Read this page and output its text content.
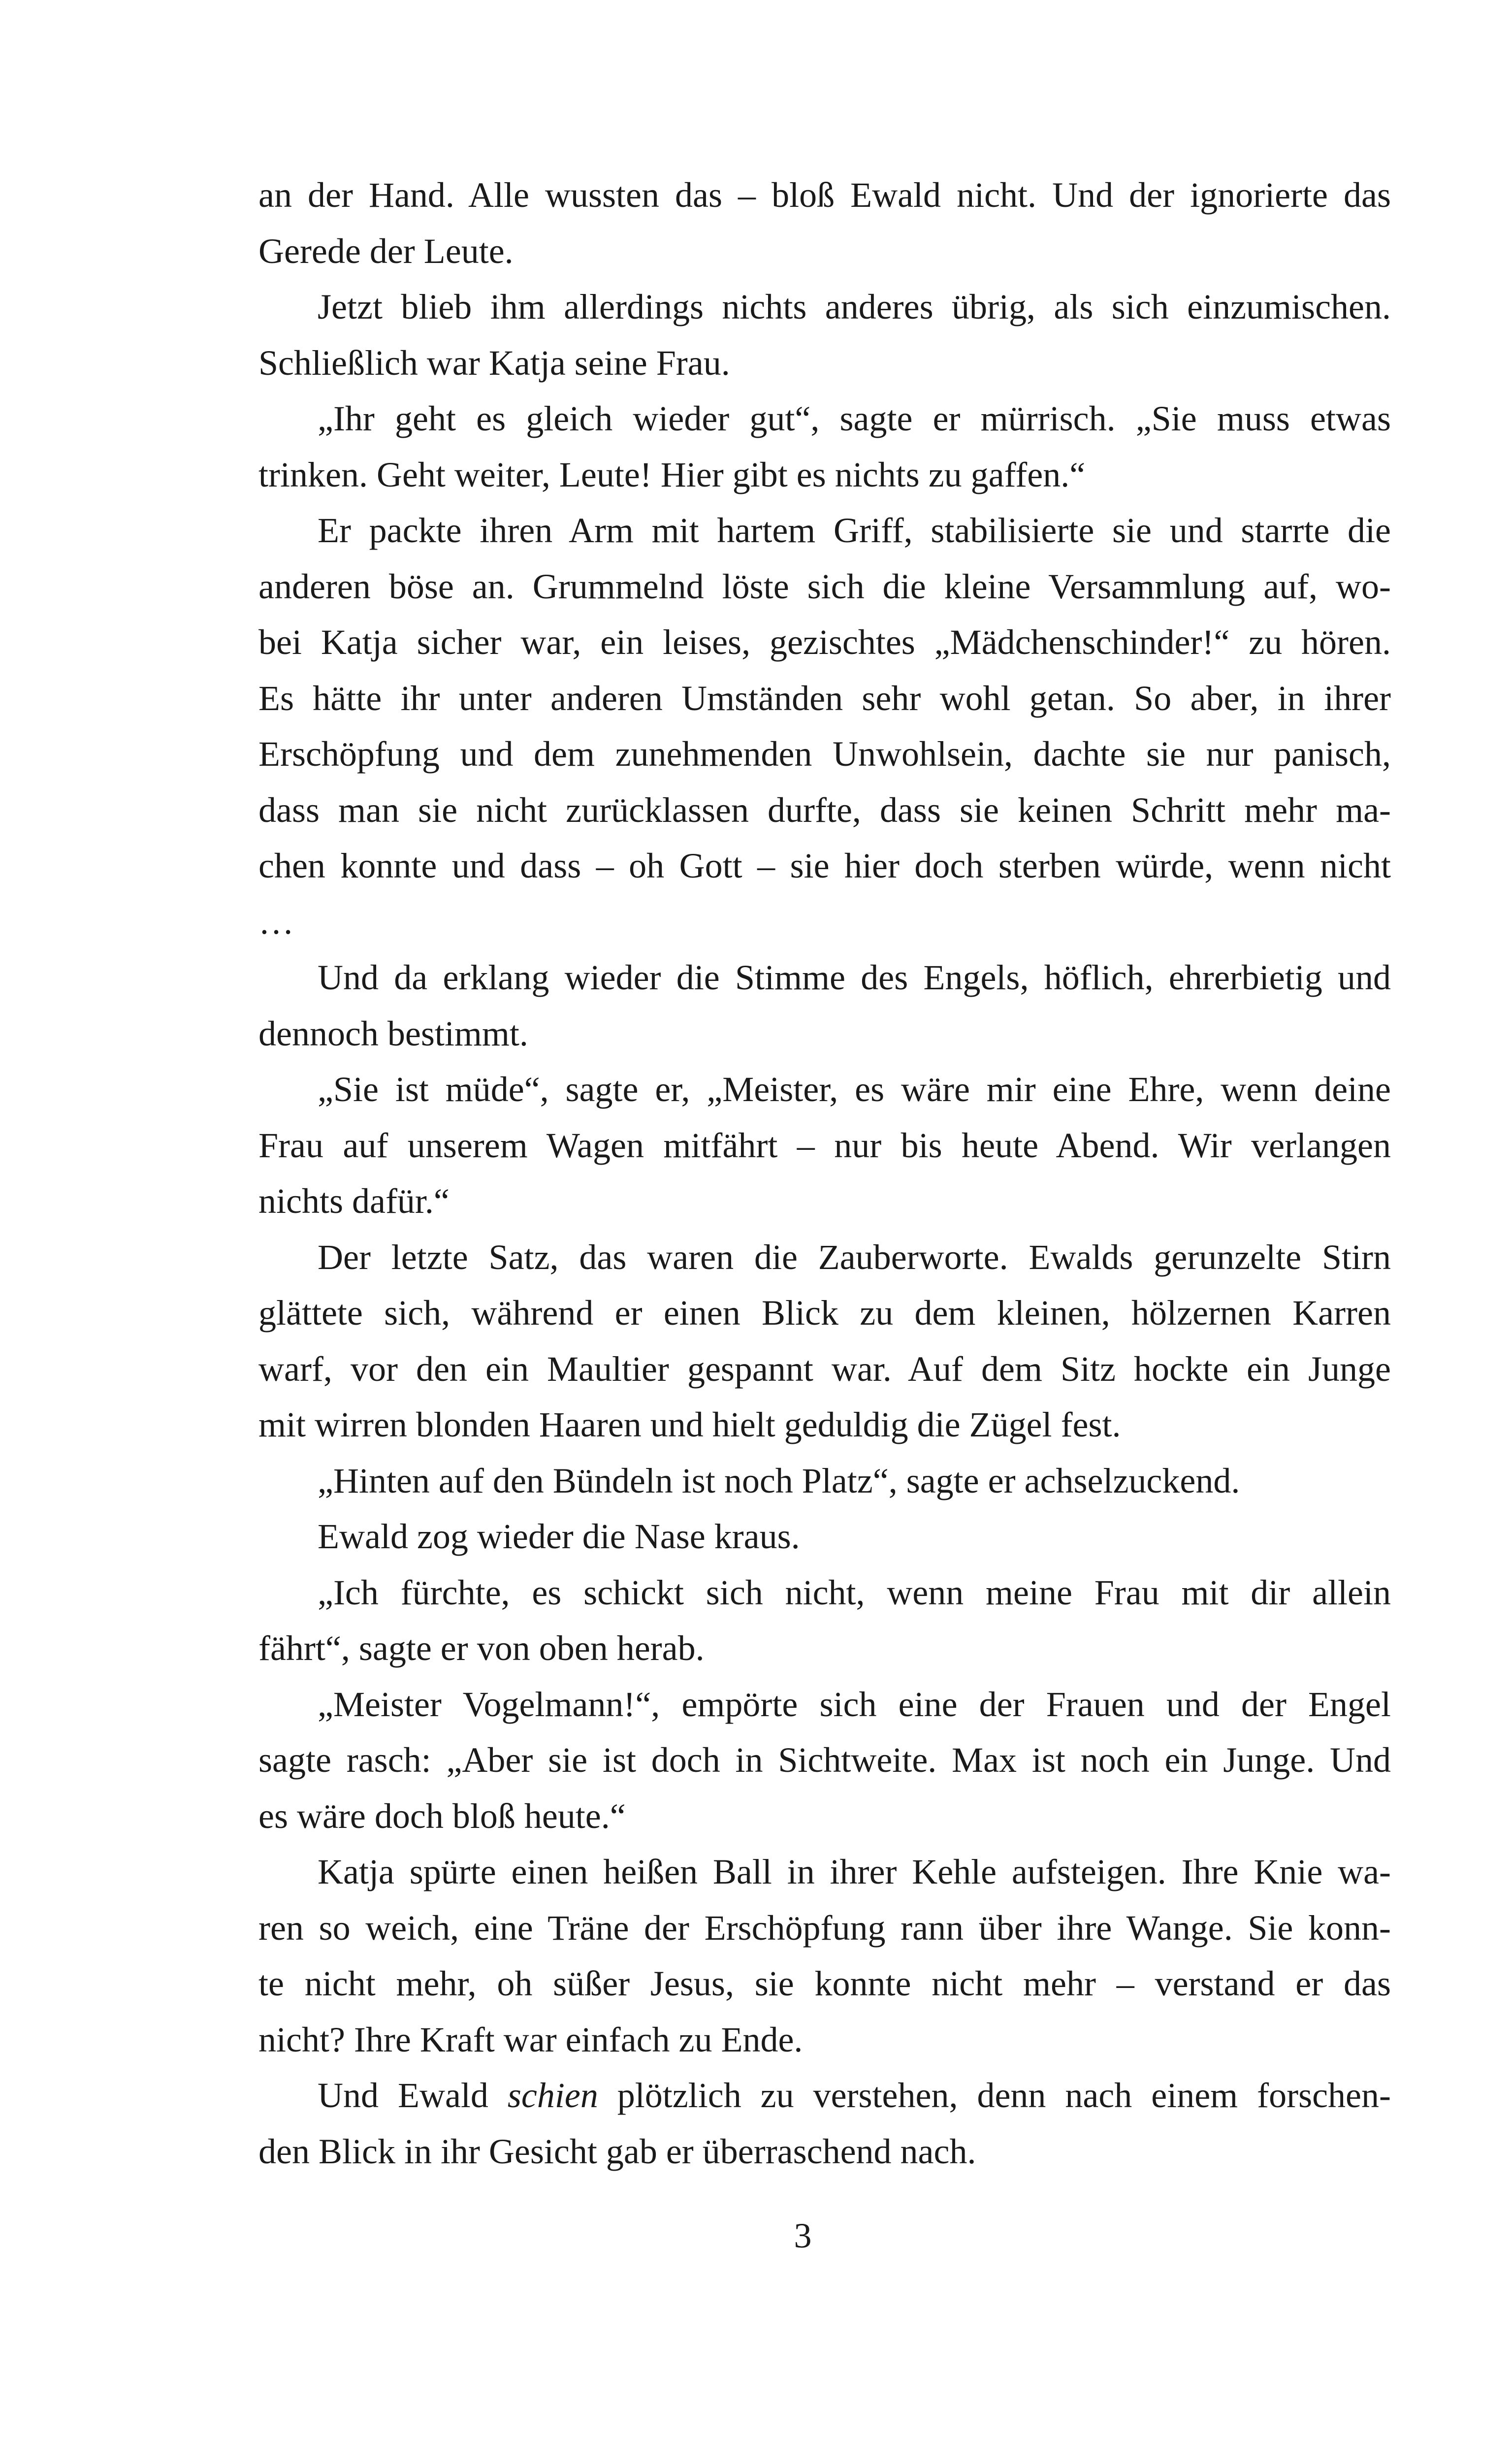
an der Hand. Alle wussten das – bloß Ewald nicht. Und der ignorierte das
Gerede der Leute.
Jetzt blieb ihm allerdings nichts anderes übrig, als sich einzumischen.
Schließlich war Katja seine Frau.
„Ihr geht es gleich wieder gut“, sagte er mürrisch. „Sie muss etwas
trinken. Geht weiter, Leute! Hier gibt es nichts zu gaffen.“
Er packte ihren Arm mit hartem Griff, stabilisierte sie und starrte die
anderen böse an. Grummelnd löste sich die kleine Versammlung auf, wo-
bei Katja sicher war, ein leises, gezischtes „Mädchenschinder!“ zu hören.
Es hätte ihr unter anderen Umständen sehr wohl getan. So aber, in ihrer
Erschöpfung und dem zunehmenden Unwohlsein, dachte sie nur panisch,
dass man sie nicht zurücklassen durfte, dass sie keinen Schritt mehr ma-
chen konnte und dass – oh Gott – sie hier doch sterben würde, wenn nicht
…
Und da erklang wieder die Stimme des Engels, höflich, ehrerbietig und
dennoch bestimmt.
„Sie ist müde“, sagte er, „Meister, es wäre mir eine Ehre, wenn deine
Frau auf unserem Wagen mitfährt – nur bis heute Abend. Wir verlangen
nichts dafür.“
Der letzte Satz, das waren die Zauberworte. Ewalds gerunzelte Stirn
glättete sich, während er einen Blick zu dem kleinen, hölzernen Karren
warf, vor den ein Maultier gespannt war. Auf dem Sitz hockte ein Junge
mit wirren blonden Haaren und hielt geduldig die Zügel fest.
„Hinten auf den Bündeln ist noch Platz“, sagte er achselzuckend.
Ewald zog wieder die Nase kraus.
„Ich fürchte, es schickt sich nicht, wenn meine Frau mit dir allein
fährt“, sagte er von oben herab.
„Meister Vogelmann!“, empörte sich eine der Frauen und der Engel
sagte rasch: „Aber sie ist doch in Sichtweite. Max ist noch ein Junge. Und
es wäre doch bloß heute.“
Katja spürte einen heißen Ball in ihrer Kehle aufsteigen. Ihre Knie wa-
ren so weich, eine Träne der Erschöpfung rann über ihre Wange. Sie konn-
te nicht mehr, oh süßer Jesus, sie konnte nicht mehr – verstand er das
nicht? Ihre Kraft war einfach zu Ende.
Und Ewald schien plötzlich zu verstehen, denn nach einem forschen-
den Blick in ihr Gesicht gab er überraschend nach.
3
